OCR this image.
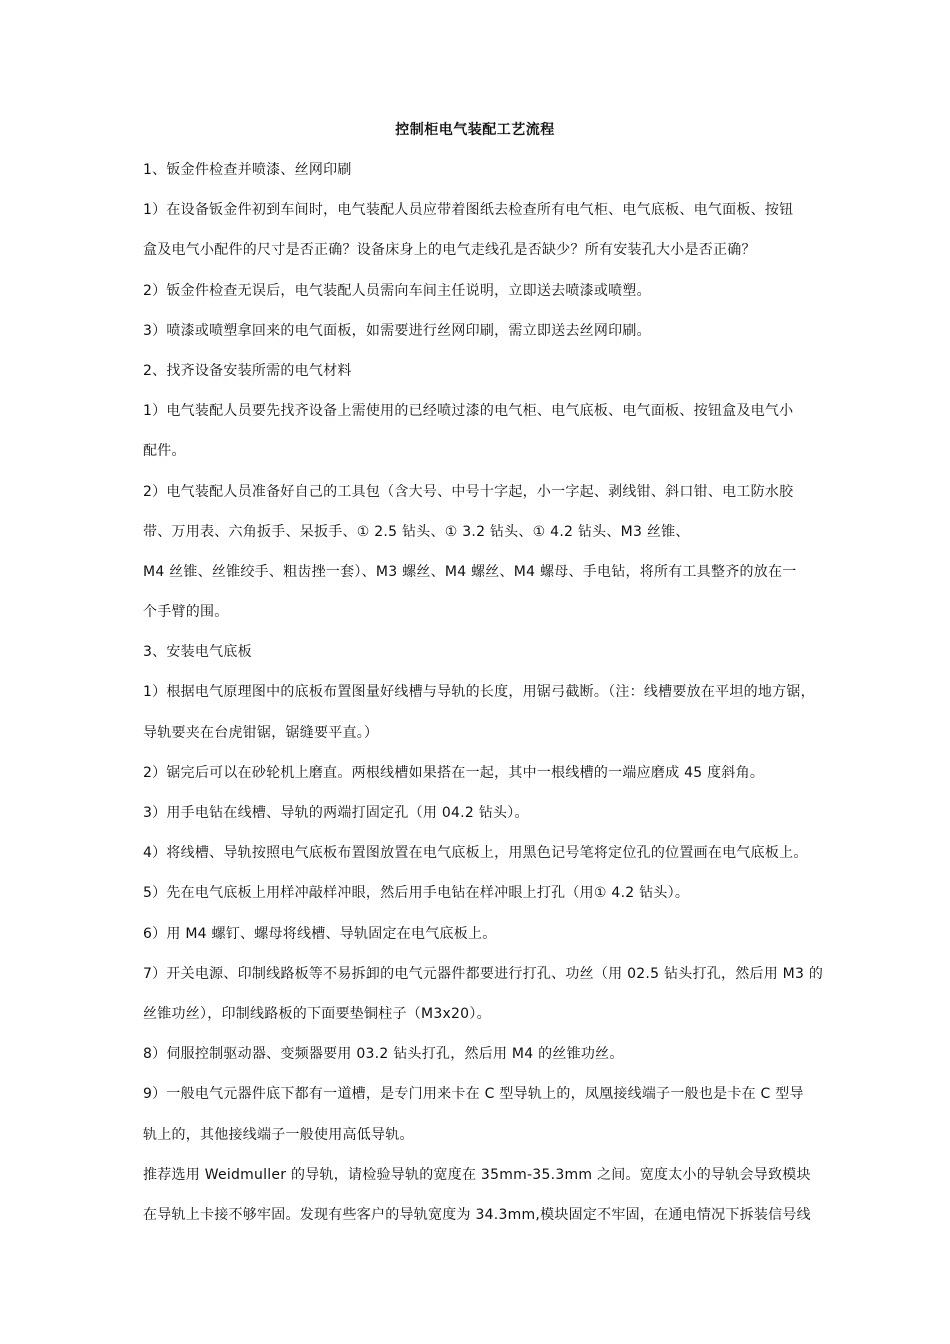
控制柜电气装配工艺流程
1、钣金件检查并喷漆、丝网印刷
1）在设备钣金件初到车间时，电气装配人员应带着图纸去检查所有电气柜、电气底板、电气面板、按钮
盒及电气小配件的尺寸是否正确？设备床身上的电气走线孔是否缺少？所有安装孔大小是否正确？
2）钣金件检查无误后，电气装配人员需向车间主任说明，立即送去喷漆或喷塑。
3）喷漆或喷塑拿回来的电气面板，如需要进行丝网印刷，需立即送去丝网印刷。
2、找齐设备安装所需的电气材料
1）电气装配人员要先找齐设备上需使用的已经喷过漆的电气柜、电气底板、电气面板、按钮盒及电气小
配件。
2）电气装配人员准备好自己的工具包（含大号、中号十字起，小一字起、剥线钳、斜口钳、电工防水胶
带、万用表、六角扳手、呆扳手、① 2.5 钻头、① 3.2 钻头、① 4.2 钻头、M3 丝锥、
M4 丝锥、丝锥绞手、粗齿挫一套）、M3 螺丝、M4 螺丝、M4 螺母、手电钻，将所有工具整齐的放在一
个手臂的围。
3、安装电气底板
1）根据电气原理图中的底板布置图量好线槽与导轨的长度，用锯弓截断。（注：线槽要放在平坦的地方锯，
导轨要夹在台虎钳锯，锯缝要平直。）
2）锯完后可以在砂轮机上磨直。两根线槽如果搭在一起，其中一根线槽的一端应磨成 45 度斜角。
3）用手电钻在线槽、导轨的两端打固定孔（用 04.2 钻头）。
4）将线槽、导轨按照电气底板布置图放置在电气底板上，用黑色记号笔将定位孔的位置画在电气底板上。
5）先在电气底板上用样冲敲样冲眼，然后用手电钻在样冲眼上打孔（用① 4.2 钻头）。
6）用 M4 螺钉、螺母将线槽、导轨固定在电气底板上。
7）开关电源、印制线路板等不易拆卸的电气元器件都要进行打孔、功丝（用 02.5 钻头打孔，然后用 M3 的
丝锥功丝），印制线路板的下面要垫铜柱子（M3x20）。
8）伺服控制驱动器、变频器要用 03.2 钻头打孔，然后用 M4 的丝锥功丝。
9）一般电气元器件底下都有一道槽，是专门用来卡在 C 型导轨上的，凤凰接线端子一般也是卡在 C 型导
轨上的，其他接线端子一般使用高低导轨。
推荐选用 Weidmuller 的导轨，请检验导轨的宽度在 35mm-35.3mm 之间。宽度太小的导轨会导致模块
在导轨上卡接不够牢固。发现有些客户的导轨宽度为 34.3mm,模块固定不牢固，在通电情况下拆装信号线
